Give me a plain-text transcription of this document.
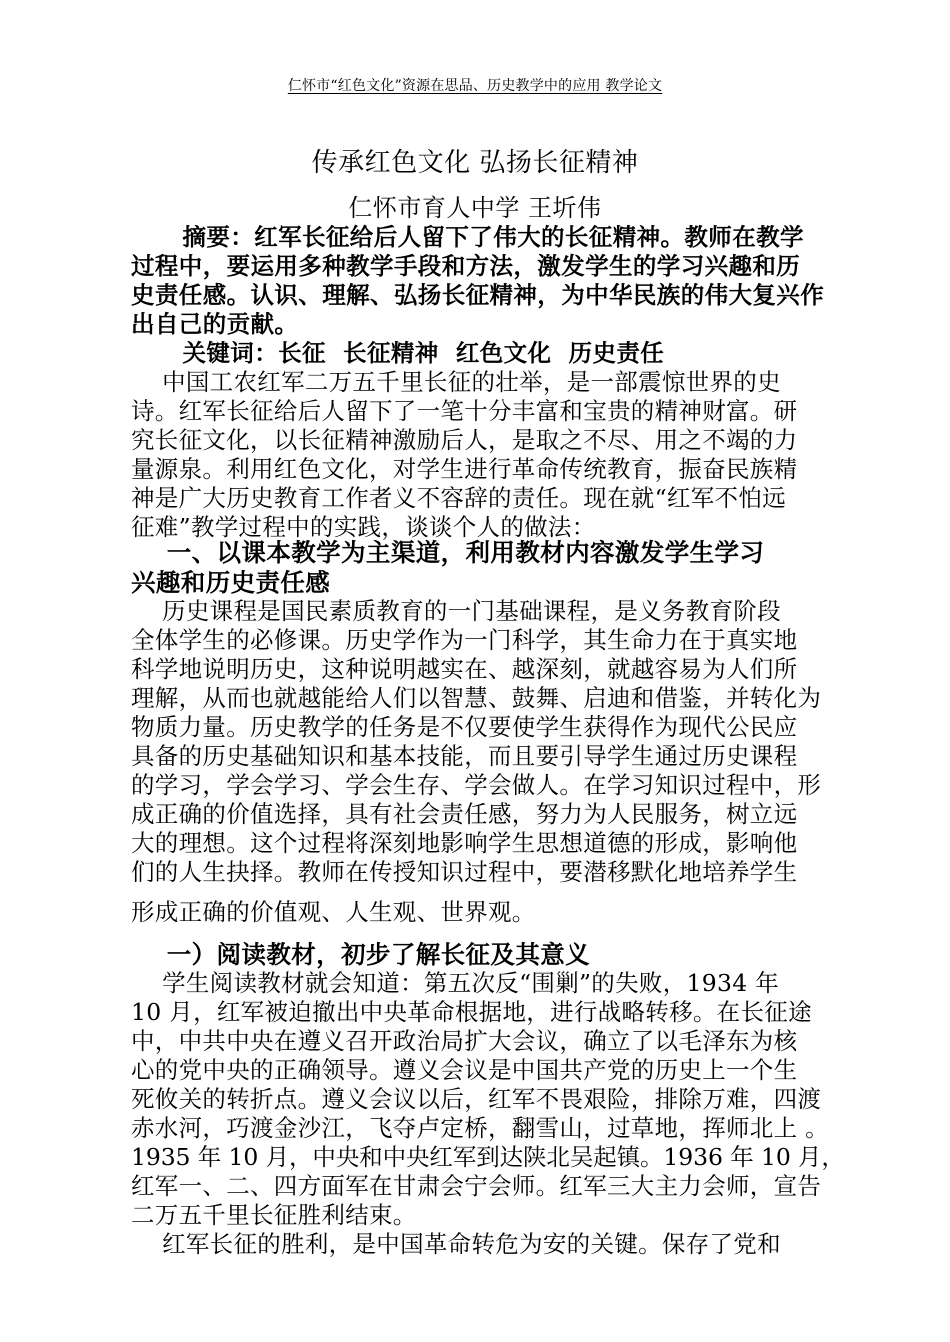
仁怀市“红色文化”资源在思品、历史教学中的应用 教学论文
传承红色文化 弘扬长征精神
仁怀市育人中学 王圻伟
摘要：红军长征给后人留下了伟大的长征精神。教师在教学
过程中，要运用多种教学手段和方法，激发学生的学习兴趣和历
史责任感。认识、理解、弘扬长征精神，为中华民族的伟大复兴作
出自己的贡献。
关键词：长征  长征精神  红色文化  历史责任
中国工农红军二万五千里长征的壮举，是一部震惊世界的史
诗。红军长征给后人留下了一笔十分丰富和宝贵的精神财富。研
究长征文化，以长征精神激励后人，是取之不尽、用之不竭的力
量源泉。利用红色文化，对学生进行革命传统教育，振奋民族精
神是广大历史教育工作者义不容辞的责任。现在就“红军不怕远
征难”教学过程中的实践，谈谈个人的做法：
一、以课本教学为主渠道，利用教材内容激发学生学习
兴趣和历史责任感
历史课程是国民素质教育的一门基础课程，是义务教育阶段
全体学生的必修课。历史学作为一门科学，其生命力在于真实地
科学地说明历史，这种说明越实在、越深刻，就越容易为人们所
理解，从而也就越能给人们以智慧、鼓舞、启迪和借鉴，并转化为
物质力量。历史教学的任务是不仅要使学生获得作为现代公民应
具备的历史基础知识和基本技能，而且要引导学生通过历史课程
的学习，学会学习、学会生存、学会做人。在学习知识过程中，形
成正确的价值选择，具有社会责任感，努力为人民服务，树立远
大的理想。这个过程将深刻地影响学生思想道德的形成，影响他
们的人生抉择。教师在传授知识过程中，要潜移默化地培养学生
形成正确的价值观、人生观、世界观。
一）阅读教材，初步了解长征及其意义
学生阅读教材就会知道：第五次反“围剿”的失败，1934 年
10 月，红军被迫撤出中央革命根据地，进行战略转移。在长征途
中，中共中央在遵义召开政治局扩大会议，确立了以毛泽东为核
心的党中央的正确领导。遵义会议是中国共产党的历史上一个生
死攸关的转折点。遵义会议以后，红军不畏艰险，排除万难，四渡
赤水河，巧渡金沙江，飞夺卢定桥，翻雪山，过草地，挥师北上 。
1935 年 10 月，中央和中央红军到达陕北吴起镇。1936 年 10 月，
红军一、二、四方面军在甘肃会宁会师。红军三大主力会师，宣告
二万五千里长征胜利结束。
红军长征的胜利，是中国革命转危为安的关键。保存了党和
